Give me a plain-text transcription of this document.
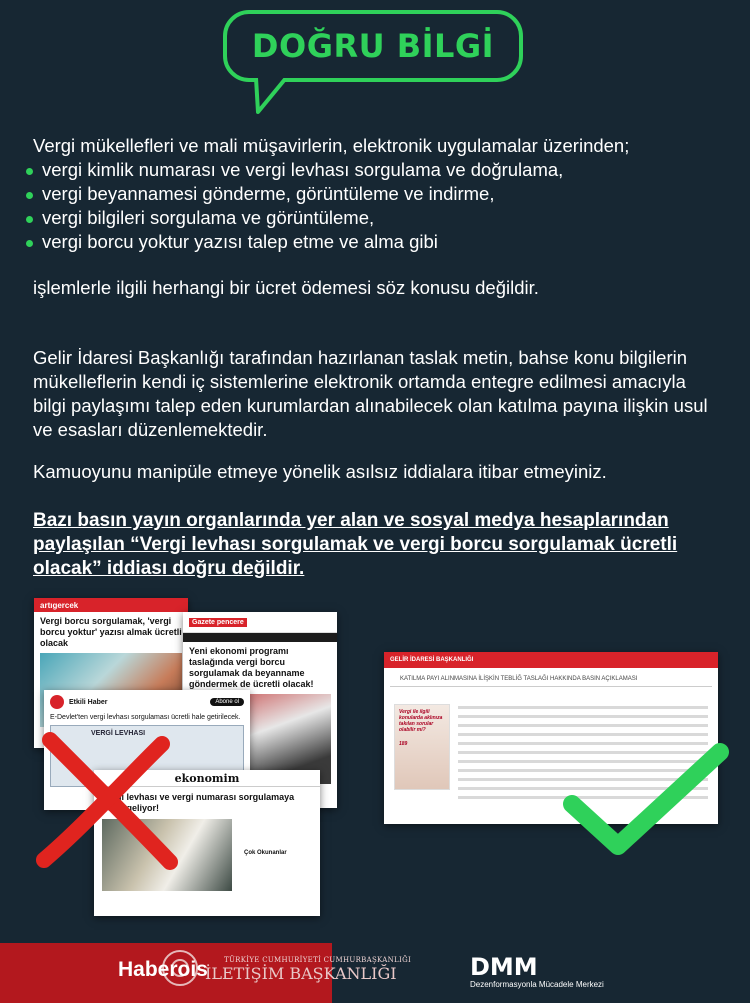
DOĞRU BİLGİ
Vergi mükellefleri ve mali müşavirlerin, elektronik uygulamalar üzerinden;
vergi kimlik numarası ve vergi levhası sorgulama ve doğrulama,
vergi beyannamesi gönderme, görüntüleme ve indirme,
vergi bilgileri sorgulama ve görüntüleme,
vergi borcu yoktur yazısı talep etme ve alma gibi
işlemlerle ilgili herhangi bir ücret ödemesi söz konusu değildir.
Gelir İdaresi Başkanlığı tarafından hazırlanan taslak metin, bahse konu bilgilerin mükelleflerin kendi iç sistemlerine elektronik ortamda entegre edilmesi amacıyla bilgi paylaşımı talep eden kurumlardan alınabilecek olan katılma payına ilişkin usul ve esasları düzenlemektedir.
Kamuoyunu manipüle etmeye yönelik asılsız iddialara itibar etmeyiniz.
Bazı basın yayın organlarında yer alan ve sosyal medya hesaplarından paylaşılan “Vergi levhası sorgulamak ve vergi borcu sorgulamak ücretli olacak” iddiası doğru değildir.
artıgercek
Vergi borcu sorgulamak, 'vergi borcu yoktur' yazısı almak ücretli olacak
Gazete pencere
Yeni ekonomi programı taslağında vergi borcu sorgulamak da beyanname göndermek de ücretli olacak!
Etkili Haber	Abone ol
E-Devlet'ten vergi levhası sorgulaması ücretli hale getirilecek.
VERGİ LEVHASI
ekonomim
Vergi levhası ve vergi numarası sorgulamaya ücret geliyor!
Çok Okunanlar
GELİR İDARESİ BAŞKANLIĞI
KATILMA PAYI ALINMASINA İLİŞKİN TEBLİĞ TASLAĞI HAKKINDA BASIN AÇIKLAMASI
Vergi ile ilgili konularda aklınıza takılan sorular olabilir mi?
189
Haberois TÜRKİYE CUMHURİYETİ CUMHURBAŞKANLIĞI
İLETİŞİM BAŞKANLIĞI	DMM
Dezenformasyonla Mücadele Merkezi
